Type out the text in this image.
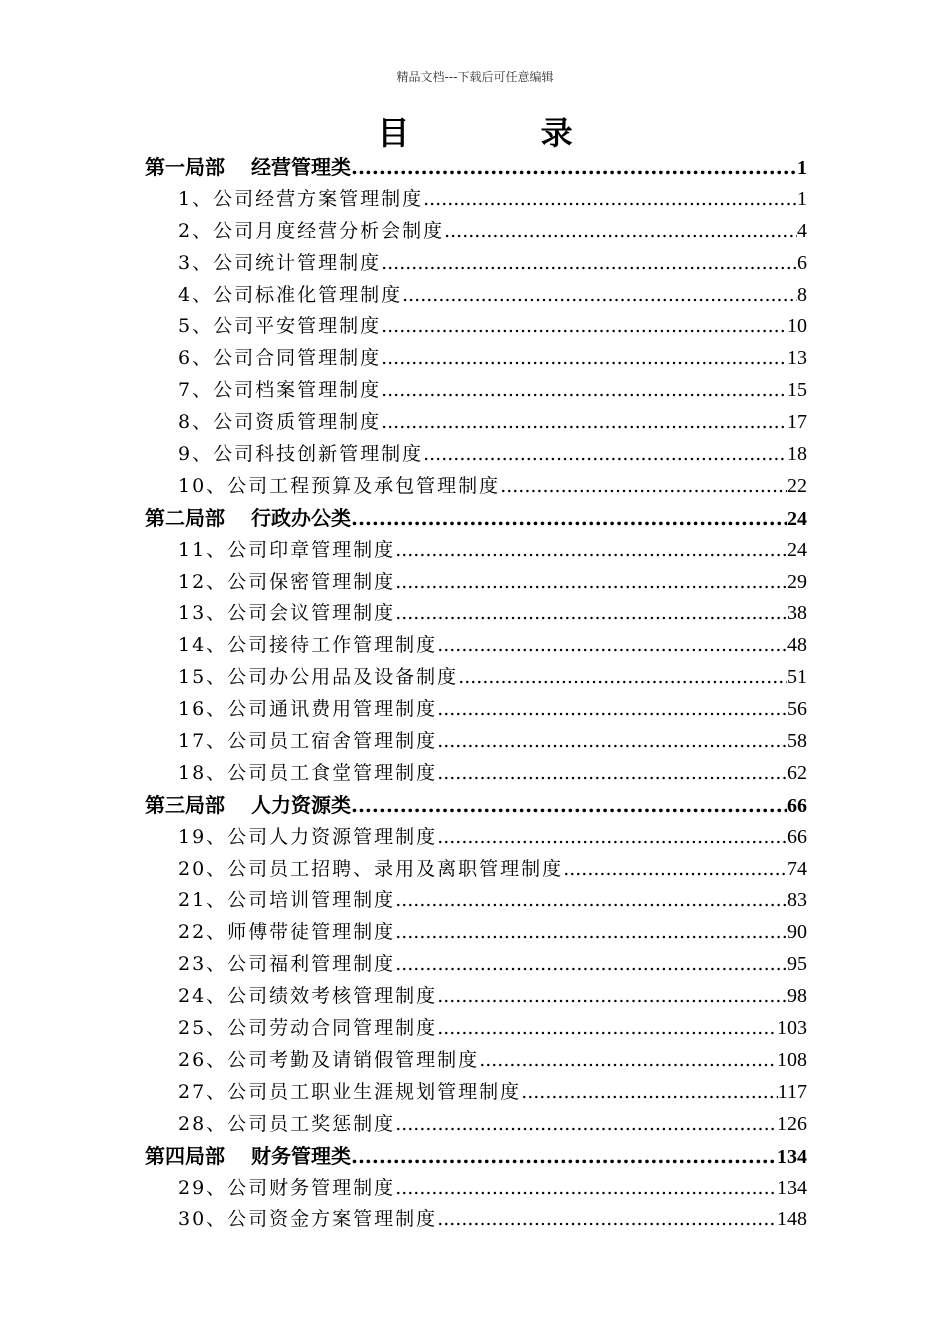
精品文档---下载后可任意编辑
目 录
第一局部 经营管理类 .....	1
1、公司经营方案管理制度 .....	1
2、公司月度经营分析会制度 .....	4
3、公司统计管理制度 .....	6
4、公司标准化管理制度 .....	8
5、公司平安管理制度 .....	10
6、公司合同管理制度 .....	13
7、公司档案管理制度 .....	15
8、公司资质管理制度 .....	17
9、公司科技创新管理制度 .....	18
10、公司工程预算及承包管理制度 .....	22
第二局部 行政办公类 .....	24
11、公司印章管理制度 .....	24
12、公司保密管理制度 .....	29
13、公司会议管理制度 .....	38
14、公司接待工作管理制度 .....	48
15、公司办公用品及设备制度 .....	51
16、公司通讯费用管理制度 .....	56
17、公司员工宿舍管理制度 .....	58
18、公司员工食堂管理制度 .....	62
第三局部 人力资源类 .....	66
19、公司人力资源管理制度 .....	66
20、公司员工招聘、录用及离职管理制度 .....	74
21、公司培训管理制度 .....	83
22、师傅带徒管理制度 .....	90
23、公司福利管理制度 .....	95
24、公司绩效考核管理制度 .....	98
25、公司劳动合同管理制度 .....	103
26、公司考勤及请销假管理制度 .....	108
27、公司员工职业生涯规划管理制度 .....	117
28、公司员工奖惩制度 .....	126
第四局部 财务管理类 .....	134
29、公司财务管理制度 .....	134
30、公司资金方案管理制度 .....	148
